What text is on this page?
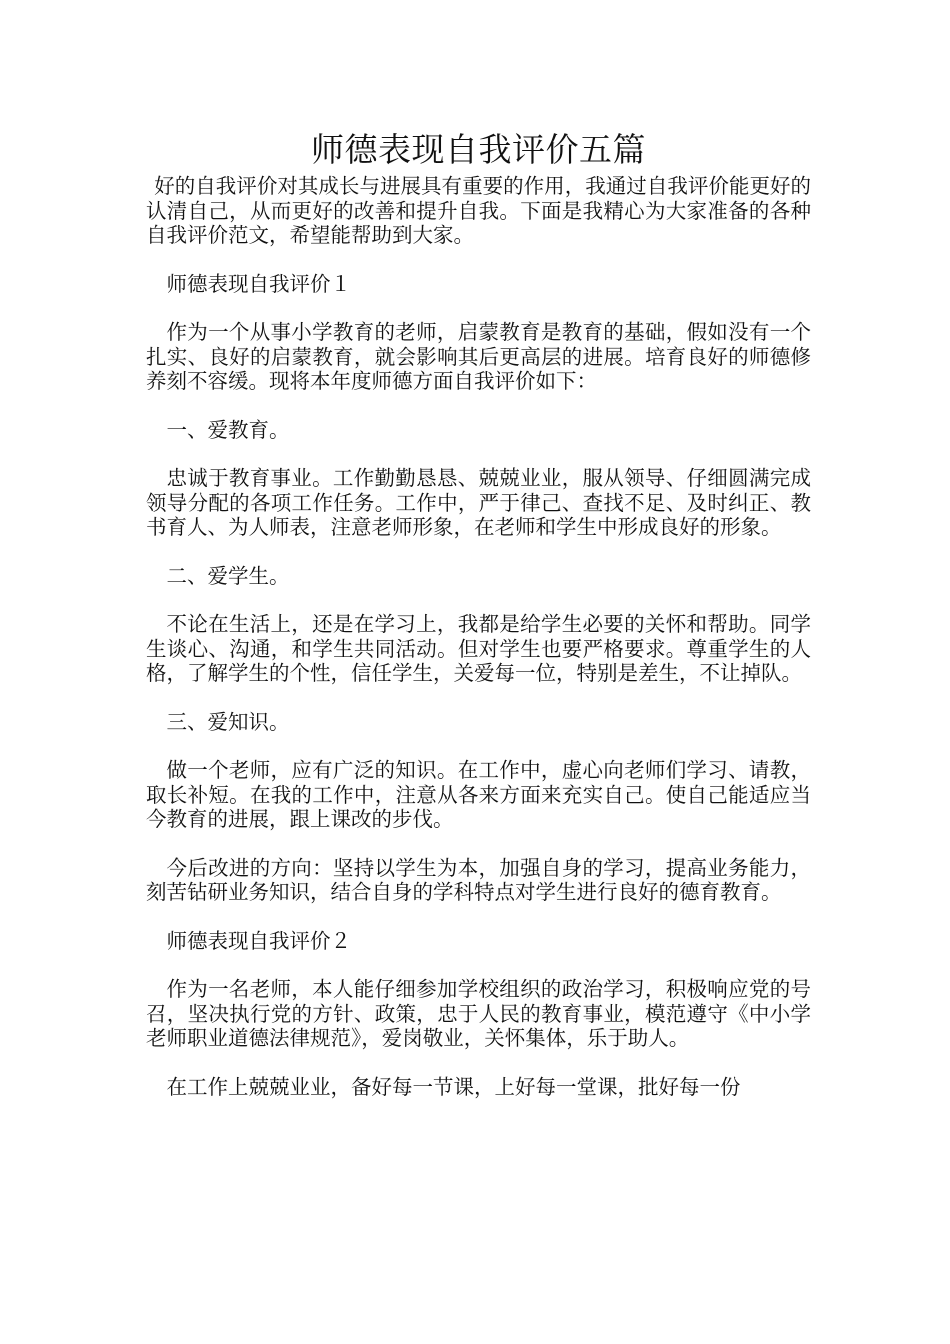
师德表现自我评价五篇

好的自我评价对其成长与进展具有重要的作用，我通过自我评价能更好的认清自己，从而更好的改善和提升自我。下面是我精心为大家准备的各种自我评价范文，希望能帮助到大家。

师德表现自我评价１

作为一个从事小学教育的老师，启蒙教育是教育的基础，假如没有一个扎实、良好的启蒙教育，就会影响其后更高层的进展。培育良好的师德修养刻不容缓。现将本年度师德方面自我评价如下：

一、爱教育。

忠诚于教育事业。工作勤勤恳恳、兢兢业业，服从领导、仔细圆满完成领导分配的各项工作任务。工作中，严于律己、查找不足、及时纠正、教书育人、为人师表，注意老师形象，在老师和学生中形成良好的形象。

二、爱学生。

不论在生活上，还是在学习上，我都是给学生必要的关怀和帮助。同学生谈心、沟通，和学生共同活动。但对学生也要严格要求。尊重学生的人格，了解学生的个性，信任学生，关爱每一位，特别是差生，不让掉队。

三、爱知识。

做一个老师，应有广泛的知识。在工作中，虚心向老师们学习、请教，取长补短。在我的工作中，注意从各来方面来充实自己。使自己能适应当今教育的进展，跟上课改的步伐。

今后改进的方向：坚持以学生为本，加强自身的学习，提高业务能力，刻苦钻研业务知识，结合自身的学科特点对学生进行良好的德育教育。

师德表现自我评价２

作为一名老师，本人能仔细参加学校组织的政治学习，积极响应党的号召，坚决执行党的方针、政策，忠于人民的教育事业，模范遵守《中小学老师职业道德法律规范》，爱岗敬业，关怀集体，乐于助人。

在工作上兢兢业业，备好每一节课，上好每一堂课，批好每一份
